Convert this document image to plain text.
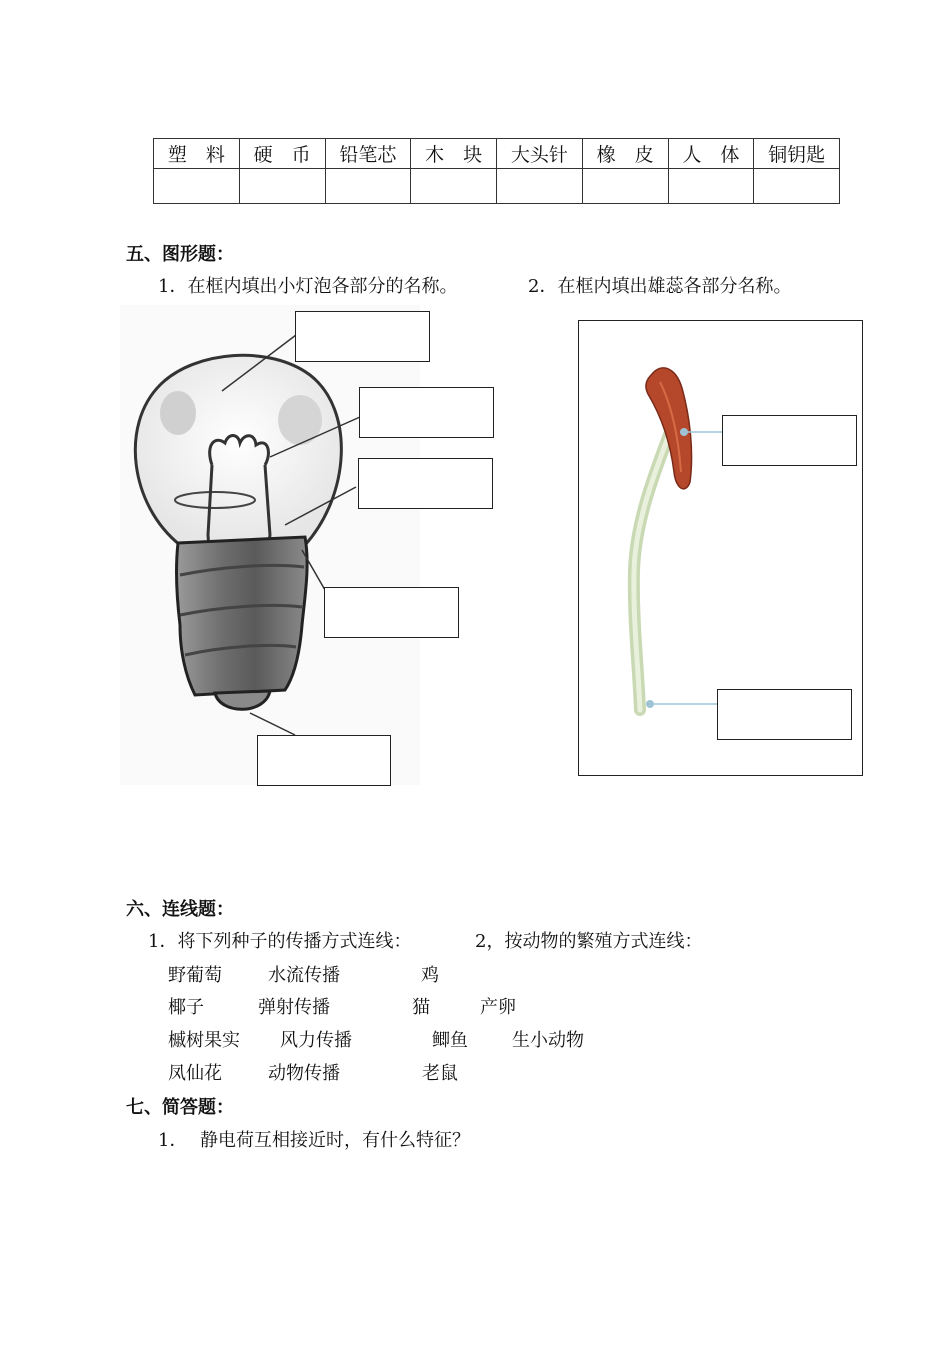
塑　料	硬　币	铅笔芯	木　块	大头针	橡　皮	人　体	铜钥匙

五、图形题：
1．在框内填出小灯泡各部分的名称。	2．在框内填出雄蕊各部分名称。
六、连线题：
1．将下列种子的传播方式连线：	2，按动物的繁殖方式连线：
野葡萄	水流传播	鸡
椰子	弹射传播	猫	产卵
槭树果实 风力传播	鲫鱼 生小动物
凤仙花	动物传播	老鼠
七、简答题：
1． 静电荷互相接近时，有什么特征？
